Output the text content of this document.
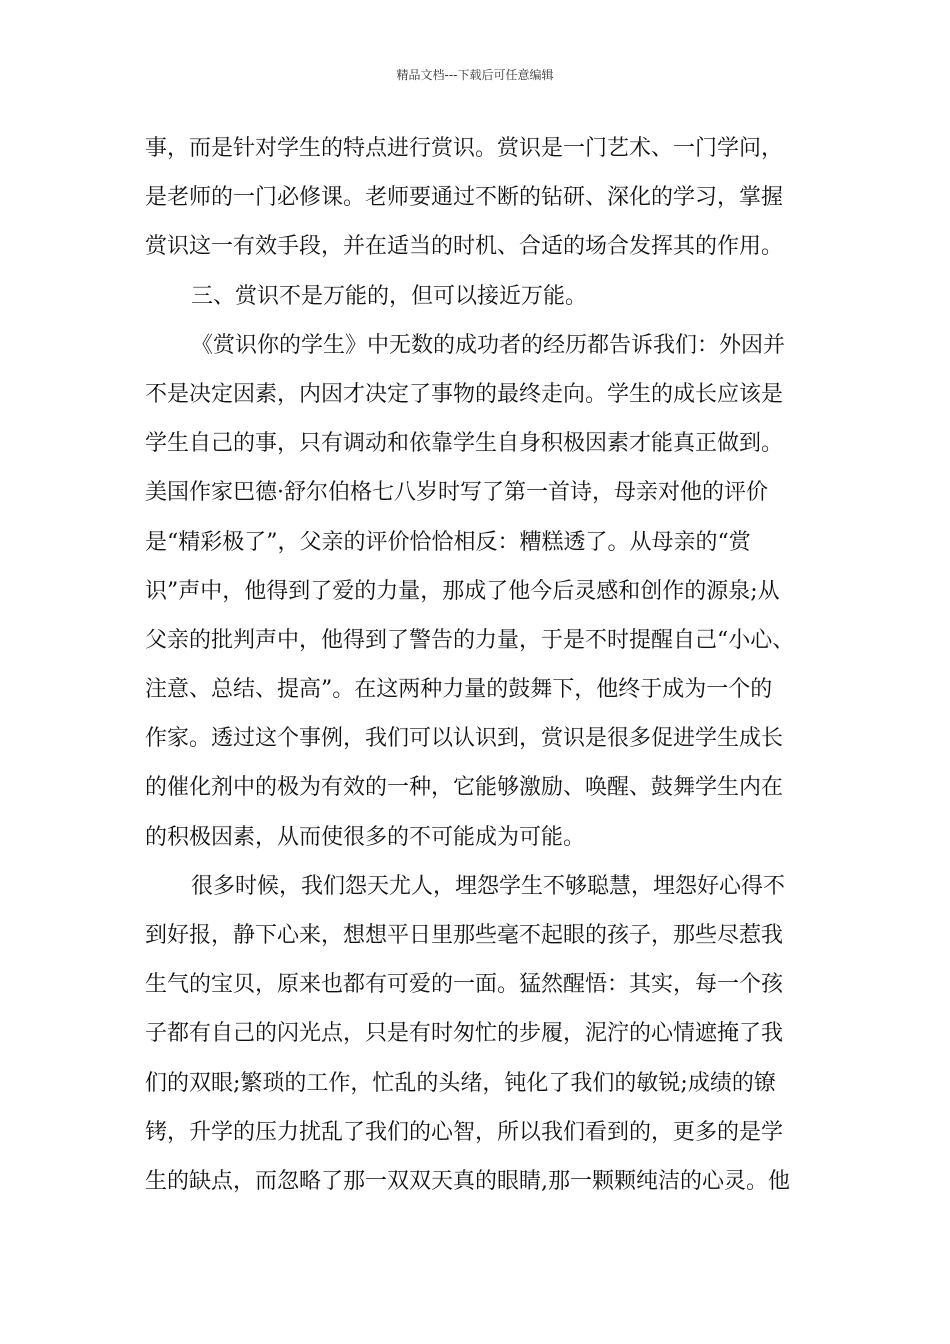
精品文档---下载后可任意编辑
事，而是针对学生的特点进行赏识。赏识是一门艺术、一门学问，
是老师的一门必修课。老师要通过不断的钻研、深化的学习，掌握
赏识这一有效手段，并在适当的时机、合适的场合发挥其的作用。
三、赏识不是万能的，但可以接近万能。
《赏识你的学生》中无数的成功者的经历都告诉我们：外因并
不是决定因素，内因才决定了事物的最终走向。学生的成长应该是
学生自己的事，只有调动和依靠学生自身积极因素才能真正做到。
美国作家巴德·舒尔伯格七八岁时写了第一首诗，母亲对他的评价
是“精彩极了”，父亲的评价恰恰相反：糟糕透了。从母亲的“赏
识”声中，他得到了爱的力量，那成了他今后灵感和创作的源泉;从
父亲的批判声中，他得到了警告的力量，于是不时提醒自己“小心、
注意、总结、提高”。在这两种力量的鼓舞下，他终于成为一个的
作家。透过这个事例，我们可以认识到，赏识是很多促进学生成长
的催化剂中的极为有效的一种，它能够激励、唤醒、鼓舞学生内在
的积极因素，从而使很多的不可能成为可能。
很多时候，我们怨天尤人，埋怨学生不够聪慧，埋怨好心得不
到好报，静下心来，想想平日里那些毫不起眼的孩子，那些尽惹我
生气的宝贝，原来也都有可爱的一面。猛然醒悟：其实，每一个孩
子都有自己的闪光点，只是有时匆忙的步履，泥泞的心情遮掩了我
们的双眼;繁琐的工作，忙乱的头绪，钝化了我们的敏锐;成绩的镣
铐，升学的压力扰乱了我们的心智，所以我们看到的，更多的是学
生的缺点，而忽略了那一双双天真的眼睛,那一颗颗纯洁的心灵。他
